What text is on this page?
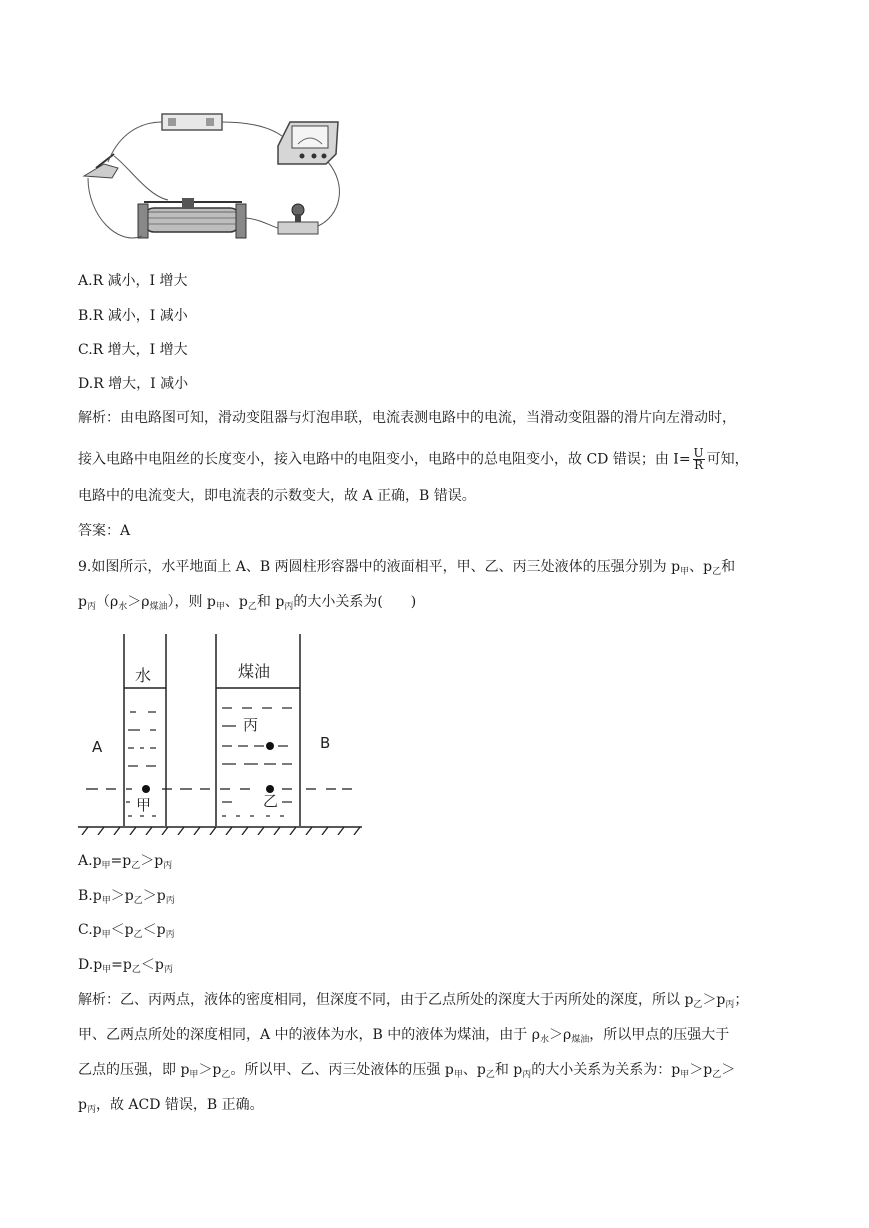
A.R 减小，I 增大
B.R 减小，I 减小
C.R 增大，I 增大
D.R 增大，I 减小
解析：由电路图可知，滑动变阻器与灯泡串联，电流表测电路中的电流，当滑动变阻器的滑片向左滑动时，
接入电路中电阻丝的长度变小，接入电路中的电阻变小，电路中的总电阻变小，故 CD 错误；由 $I= \frac{U}{R}$ 可知，
电路中的电流变大，即电流表的示数变大，故 A 正确，B 错误。
答案：A
9.如图所示，水平地面上 A、B 两圆柱形容器中的液面相平，甲、乙、丙三处液体的压强分别为 $p_甲$、$p_乙$和
$p_丙(\rho_水>\rho_{煤油})$，则 $p_甲$、$p_乙$和 $p_丙$的大小关系为(　　)
A	B
水	煤油
甲	乙
丙
$A.p_甲=p_乙>p_丙$
$B.p_甲>p_乙>p_丙$
$C.p_甲<p_乙<p_丙$
$D.p_甲=p_乙<p_丙$
解析：乙、丙两点，液体的密度相同，但深度不同，由于乙点所处的深度大于丙所处的深度，所以 $p_乙>p_丙$；
甲、乙两点所处的深度相同，A 中的液体为水，B 中的液体为煤油，由于 $\rho_水>\rho_{煤油}$，所以甲点的压强大于
乙点的压强，即 $p_甲>p_乙$。所以甲、乙、丙三处液体的压强 $p_甲$、$p_乙$和 $p_丙$的大小关系为关系为：$p_甲>p_乙>$
$p_丙$，故 ACD 错误，B 正确。
